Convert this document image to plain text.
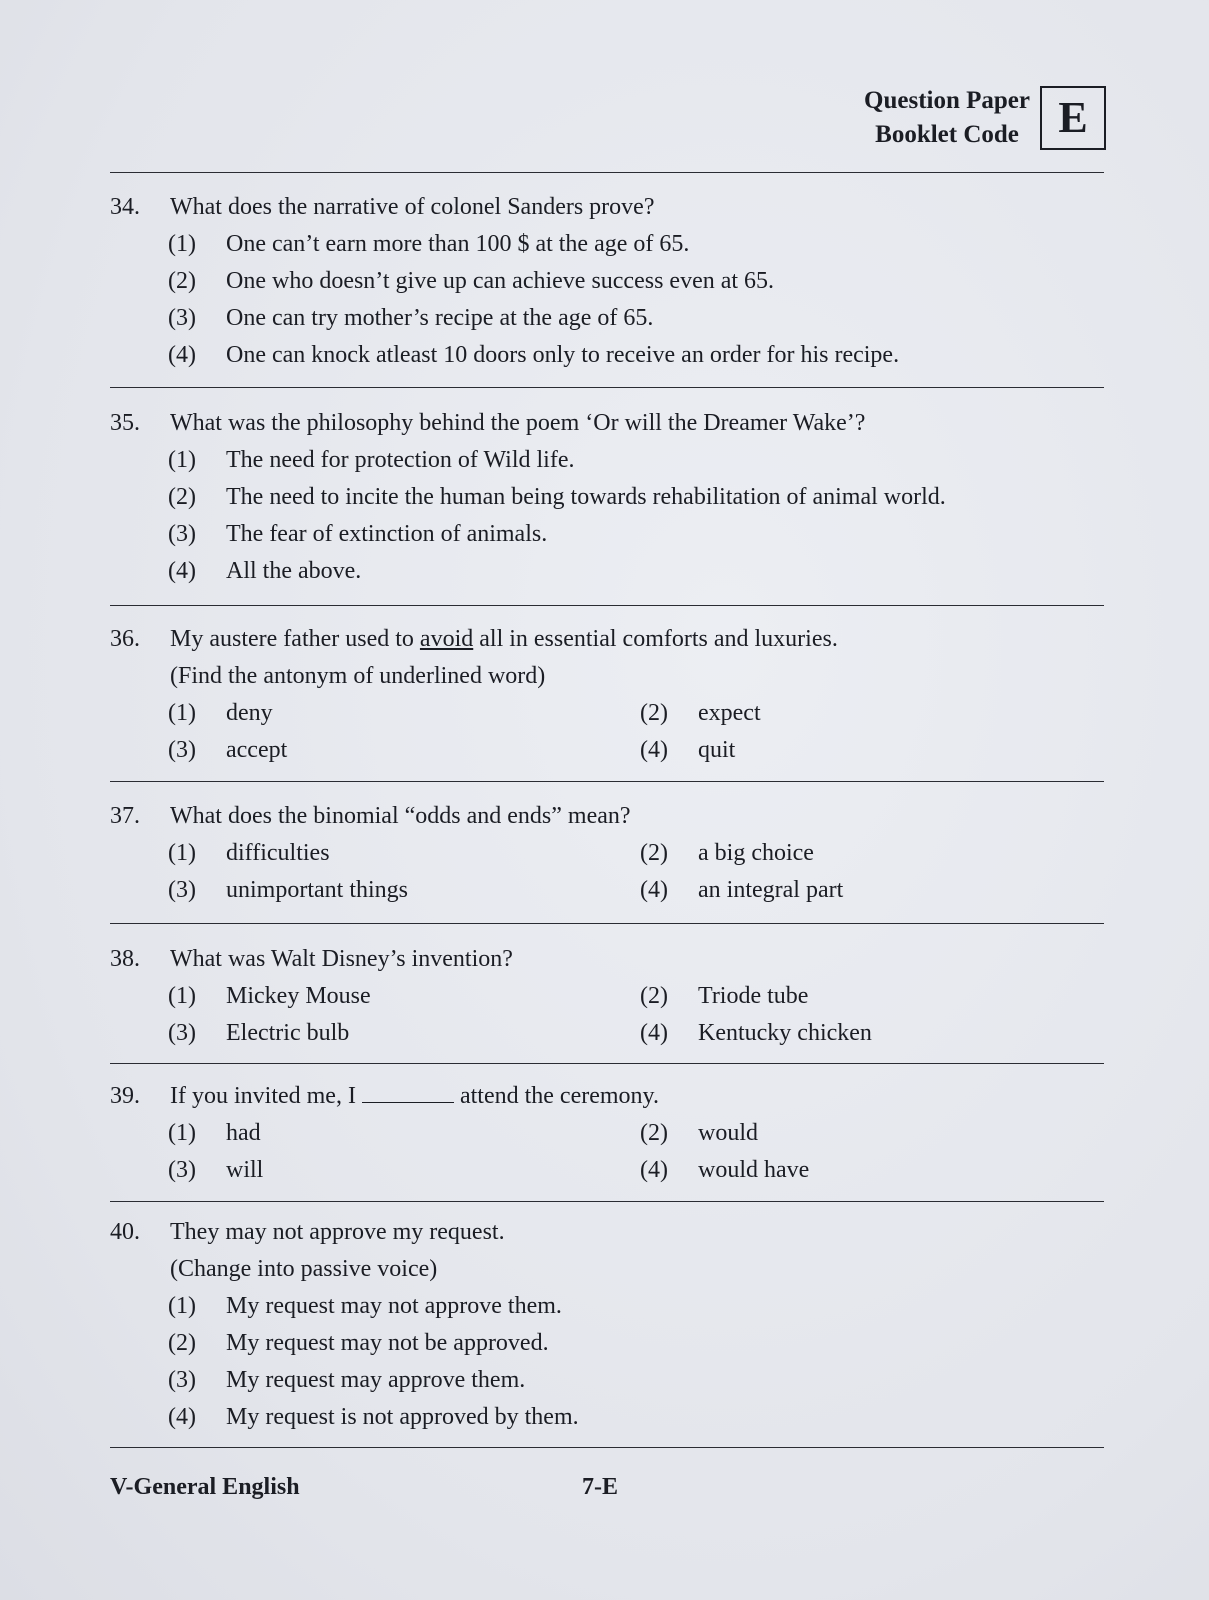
Question Paper
Booklet Code E
34. What does the narrative of colonel Sanders prove?
(1) One can’t earn more than 100 $ at the age of 65.
(2) One who doesn’t give up can achieve success even at 65.
(3) One can try mother’s recipe at the age of 65.
(4) One can knock atleast 10 doors only to receive an order for his recipe.
35. What was the philosophy behind the poem ‘Or will the Dreamer Wake’?
(1) The need for protection of Wild life.
(2) The need to incite the human being towards rehabilitation of animal world.
(3) The fear of extinction of animals.
(4) All the above.
36. My austere father used to avoid all in essential comforts and luxuries.
(Find the antonym of underlined word)
(1) deny	(2) expect
(3) accept	(4) quit
37. What does the binomial “odds and ends” mean?
(1) difficulties	(2) a big choice
(3) unimportant things	(4) an integral part
38. What was Walt Disney’s invention?
(1) Mickey Mouse	(2) Triode tube
(3) Electric bulb	(4) Kentucky chicken
39. If you invited me, I	attend the ceremony.
(1) had	(2) would
(3) will	(4) would have
40. They may not approve my request.
(Change into passive voice)
(1) My request may not approve them.
(2) My request may not be approved.
(3) My request may approve them.
(4) My request is not approved by them.
V-General English	7-E
